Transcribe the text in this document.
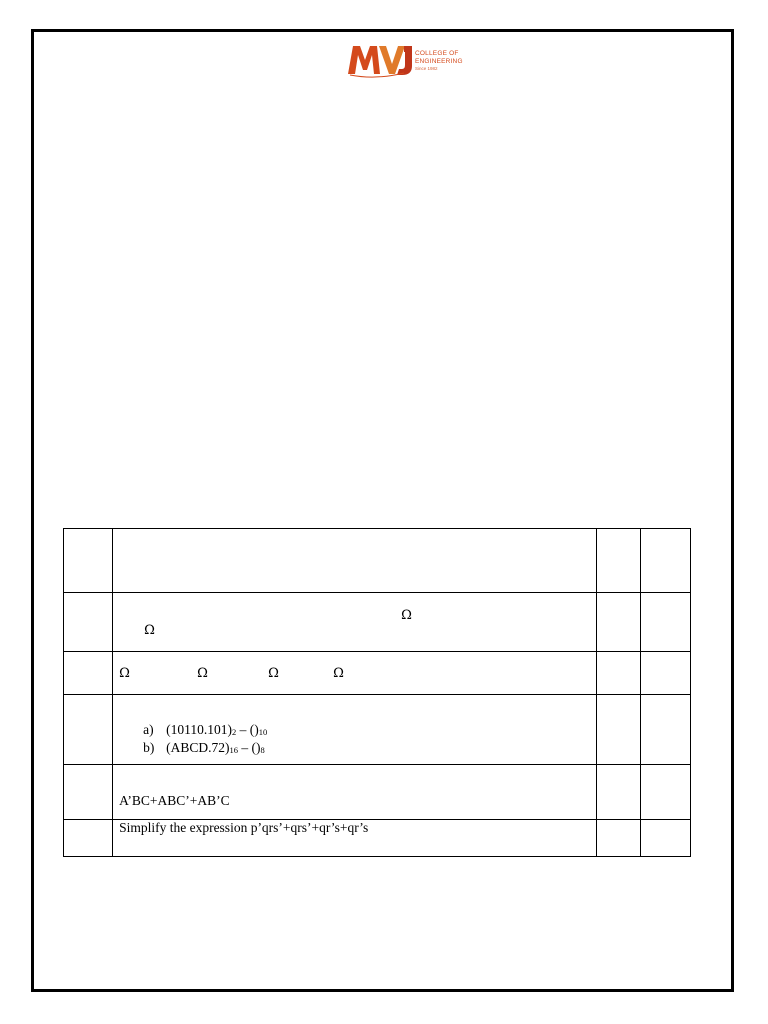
COLLEGE OF
ENGINEERING
Since 1982

	Ω
Ω		

	Ω Ω Ω Ω		

	a) $(10110.101)_2 - ()_{10}$
b) $(ABCD.72)_{16} - ()_8$

	A’BC+ABC’+AB’C		

	Simplify the expression p’qrs’+qrs’+qr’s+qr’s		
